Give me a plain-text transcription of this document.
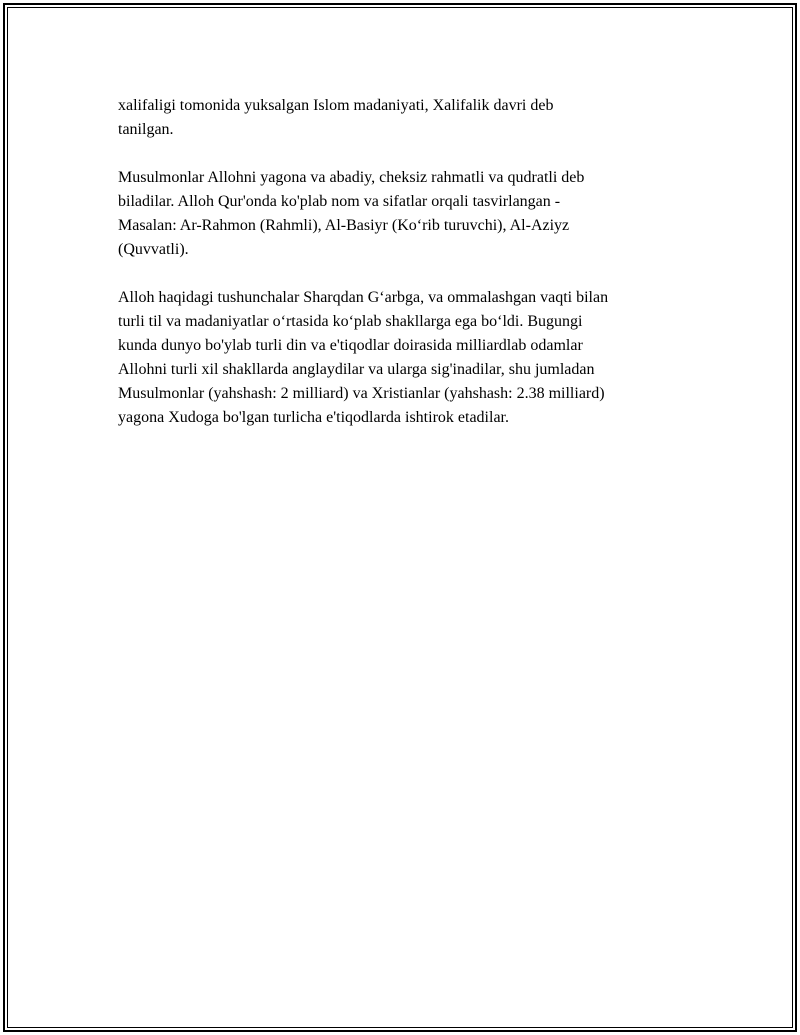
xalifaligi tomonida yuksalgan Islom madaniyati, Xalifalik davri deb
tanilgan.

Musulmonlar Allohni yagona va abadiy, cheksiz rahmatli va qudratli deb
biladilar. Alloh Qur'onda ko'plab nom va sifatlar orqali tasvirlangan -
Masalan: Ar-Rahmon (Rahmli), Al-Basiyr (Ko‘rib turuvchi), Al-Aziyz
(Quvvatli).

Alloh haqidagi tushunchalar Sharqdan G‘arbga, va ommalashgan vaqti bilan
turli til va madaniyatlar o‘rtasida ko‘plab shakllarga ega bo‘ldi. Bugungi
kunda dunyo bo'ylab turli din va e'tiqodlar doirasida milliardlab odamlar
Allohni turli xil shakllarda anglaydilar va ularga sig'inadilar, shu jumladan
Musulmonlar (yahshash: 2 milliard) va Xristianlar (yahshash: 2.38 milliard)
yagona Xudoga bo'lgan turlicha e'tiqodlarda ishtirok etadilar.
